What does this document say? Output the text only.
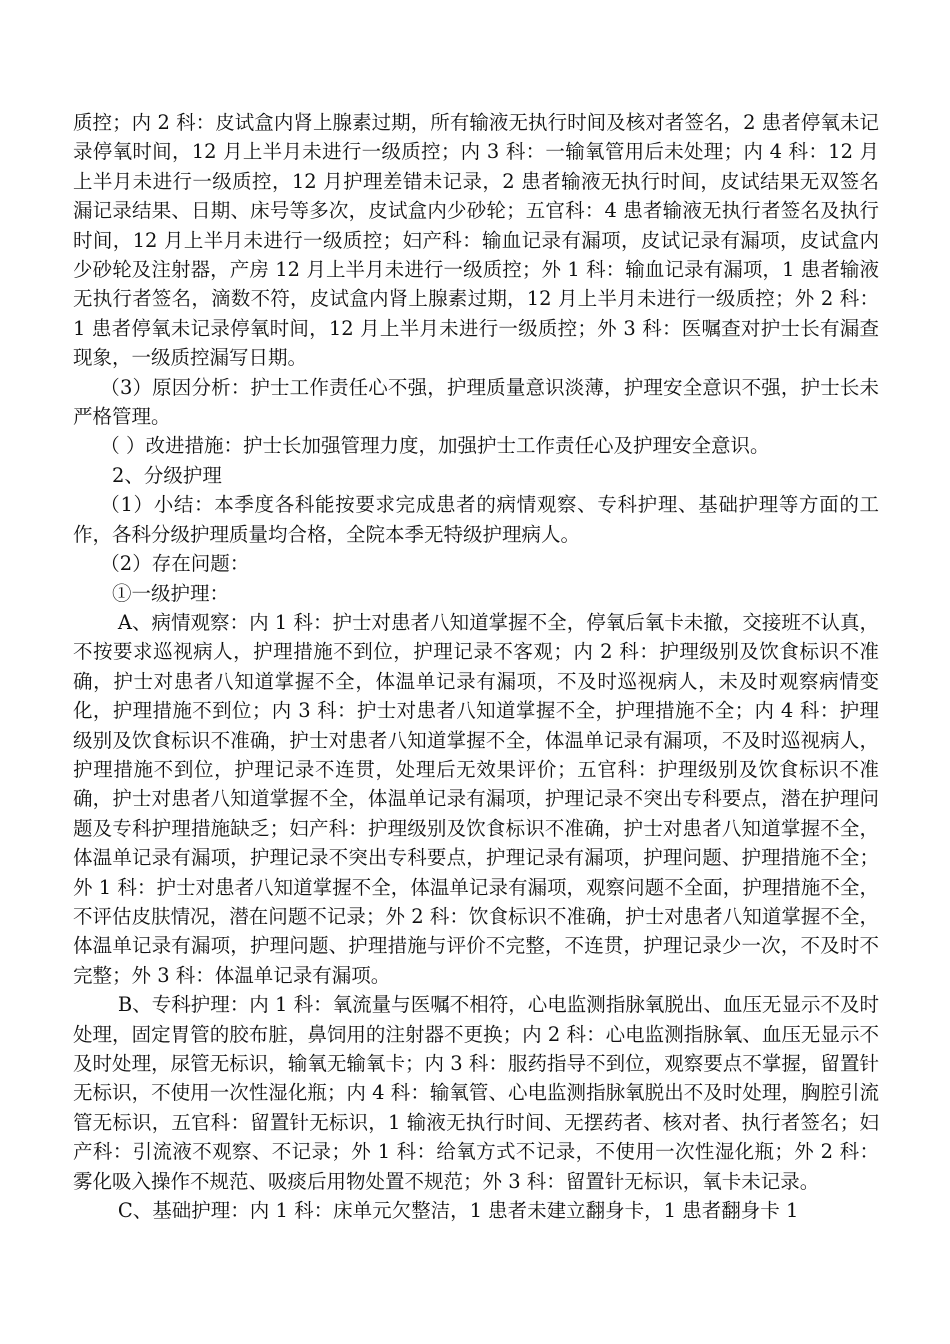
质控；内 2 科：皮试盒内肾上腺素过期，所有输液无执行时间及核对者签名，2 患者停氧未记录停氧时间，12 月上半月未进行一级质控；内 3 科：一输氧管用后未处理；内 4 科：12 月上半月未进行一级质控，12 月护理差错未记录，2 患者输液无执行时间，皮试结果无双签名漏记录结果、日期、床号等多次，皮试盒内少砂轮；五官科：4 患者输液无执行者签名及执行时间，12 月上半月未进行一级质控；妇产科：输血记录有漏项，皮试记录有漏项，皮试盒内少砂轮及注射器，产房 12 月上半月未进行一级质控；外 1 科：输血记录有漏项，1 患者输液无执行者签名，滴数不符，皮试盒内肾上腺素过期，12 月上半月未进行一级质控；外 2 科：1 患者停氧未记录停氧时间，12 月上半月未进行一级质控；外 3 科：医嘱查对护士长有漏查现象，一级质控漏写日期。

（3）原因分析：护士工作责任心不强，护理质量意识淡薄，护理安全意识不强，护士长未严格管理。

（ ）改进措施：护士长加强管理力度，加强护士工作责任心及护理安全意识。

2、分级护理

（1）小结：本季度各科能按要求完成患者的病情观察、专科护理、基础护理等方面的工作，各科分级护理质量均合格，全院本季无特级护理病人。

（2）存在问题：

①一级护理：

A、病情观察：内 1 科：护士对患者八知道掌握不全，停氧后氧卡未撤，交接班不认真，不按要求巡视病人，护理措施不到位，护理记录不客观；内 2 科：护理级别及饮食标识不准确，护士对患者八知道掌握不全，体温单记录有漏项，不及时巡视病人，未及时观察病情变化，护理措施不到位；内 3 科：护士对患者八知道掌握不全，护理措施不全；内 4 科：护理级别及饮食标识不准确，护士对患者八知道掌握不全，体温单记录有漏项，不及时巡视病人，护理措施不到位，护理记录不连贯，处理后无效果评价；五官科：护理级别及饮食标识不准确，护士对患者八知道掌握不全，体温单记录有漏项，护理记录不突出专科要点，潜在护理问题及专科护理措施缺乏；妇产科：护理级别及饮食标识不准确，护士对患者八知道掌握不全，体温单记录有漏项，护理记录不突出专科要点，护理记录有漏项，护理问题、护理措施不全；外 1 科：护士对患者八知道掌握不全，体温单记录有漏项，观察问题不全面，护理措施不全，不评估皮肤情况，潜在问题不记录；外 2 科：饮食标识不准确，护士对患者八知道掌握不全，体温单记录有漏项，护理问题、护理措施与评价不完整，不连贯，护理记录少一次，不及时不完整；外 3 科：体温单记录有漏项。

B、专科护理：内 1 科：氧流量与医嘱不相符，心电监测指脉氧脱出、血压无显示不及时处理，固定胃管的胶布脏，鼻饲用的注射器不更换；内 2 科：心电监测指脉氧、血压无显示不及时处理，尿管无标识，输氧无输氧卡；内 3 科：服药指导不到位，观察要点不掌握，留置针无标识，不使用一次性湿化瓶；内 4 科：输氧管、心电监测指脉氧脱出不及时处理，胸腔引流管无标识，五官科：留置针无标识，1 输液无执行时间、无摆药者、核对者、执行者签名；妇产科：引流液不观察、不记录；外 1 科：给氧方式不记录，不使用一次性湿化瓶；外 2 科：雾化吸入操作不规范、吸痰后用物处置不规范；外 3 科：留置针无标识，氧卡未记录。

C、基础护理：内 1 科：床单元欠整洁，1 患者未建立翻身卡，1 患者翻身卡 1
